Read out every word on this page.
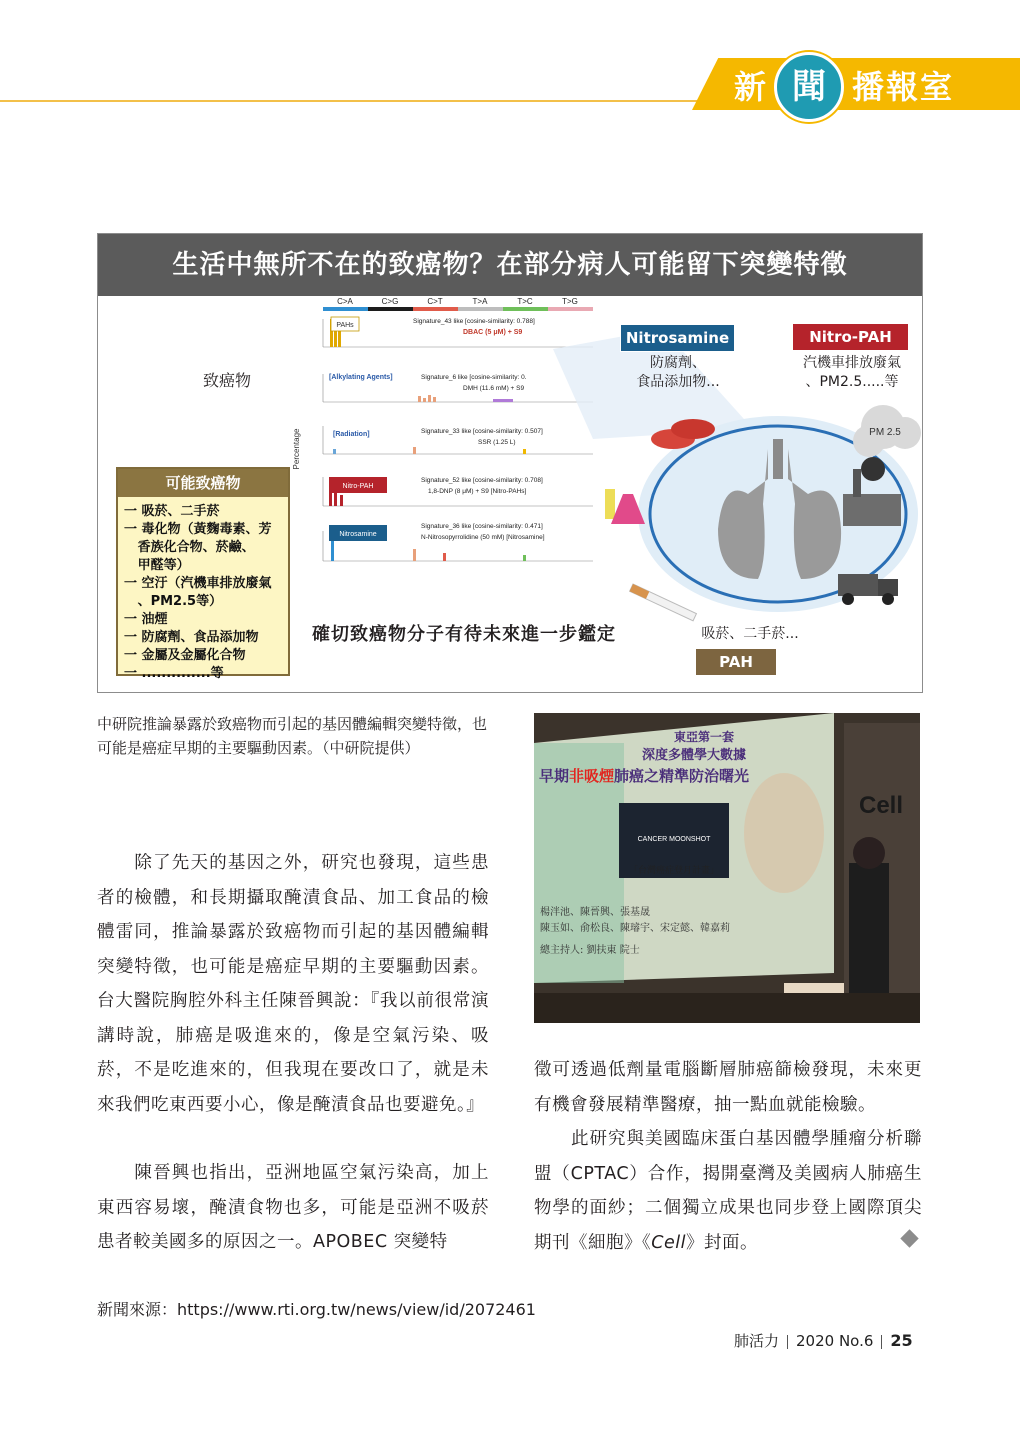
新 聞 播報室
生活中無所不在的致癌物？在部分病人可能留下突變特徵
致癌物
可能致癌物
一 吸菸、二手菸
一 毒化物（黃麴毒素、芳
香族化合物、菸鹼、
甲醛等）
一 空汙（汽機車排放廢氣
、PM2.5等）
一 油煙
一 防腐劑、食品添加物
一 金屬及金屬化合物
一 ..............等
C>A	C>G	C>T	T>A	T>C	T>G
Percentage
PAHs
Signature_43 like [cosine-similarity: 0.788]
DBAC (5 μM) + S9
[Alkylating Agents]	Signature_6 like [cosine-similarity: 0.
DMH (11.6 mM) + S9
[Radiation]	Signature_33 like [cosine-similarity: 0.507]
SSR (1.25 L)
Nitro-PAH
Signature_52 like [cosine-similarity: 0.708]
1,8-DNP (8 μM) + S9 [Nitro-PAHs]
Nitrosamine
Signature_36 like [cosine-similarity: 0.471]
N-Nitrosopyrrolidine (50 mM) [Nitrosamine]
確切致癌物分子有待未來進一步鑑定
PM 2.5
Nitrosamine
防腐劑、
食品添加物...
Nitro-PAH
汽機車排放廢氣
、PM2.5.....等
吸菸、二手菸...
PAH
中研院推論暴露於致癌物而引起的基因體編輯突變特徵，也可能是癌症早期的主要驅動因素。（中研院提供）
東亞第一套
深度多體學大數據
早期非吸煙肺癌之精準防治曙光
CANCER MOONSHOT
「台灣癌症登月計畫」
楊泮池、陳晉興、張基晟
陳玉如、俞松良、陳璿宇、宋定懿、韓嘉莉
總主持人: 劉扶東 院士
Cell
　　除了先天的基因之外，研究也發現，這些患者的檢體，和長期攝取醃漬食品、加工食品的檢體雷同，推論暴露於致癌物而引起的基因體編輯突變特徵，也可能是癌症早期的主要驅動因素。台大醫院胸腔外科主任陳晉興說：『我以前很常演講時說，肺癌是吸進來的，像是空氣污染、吸菸，不是吃進來的，但我現在要改口了，就是未來我們吃東西要小心，像是醃漬食品也要避免。』
　　陳晉興也指出，亞洲地區空氣污染高，加上東西容易壞，醃漬食物也多，可能是亞洲不吸菸患者較美國多的原因之一。APOBEC 突變特
徵可透過低劑量電腦斷層肺癌篩檢發現，未來更有機會發展精準醫療，抽一點血就能檢驗。
　　此研究與美國臨床蛋白基因體學腫瘤分析聯盟（CPTAC）合作，揭開臺灣及美國病人肺癌生物學的面紗；二個獨立成果也同步登上國際頂尖期刊《細胞》《Cell》封面。
新聞來源：https://www.rti.org.tw/news/view/id/2072461
肺活力 2020 No.6 25
